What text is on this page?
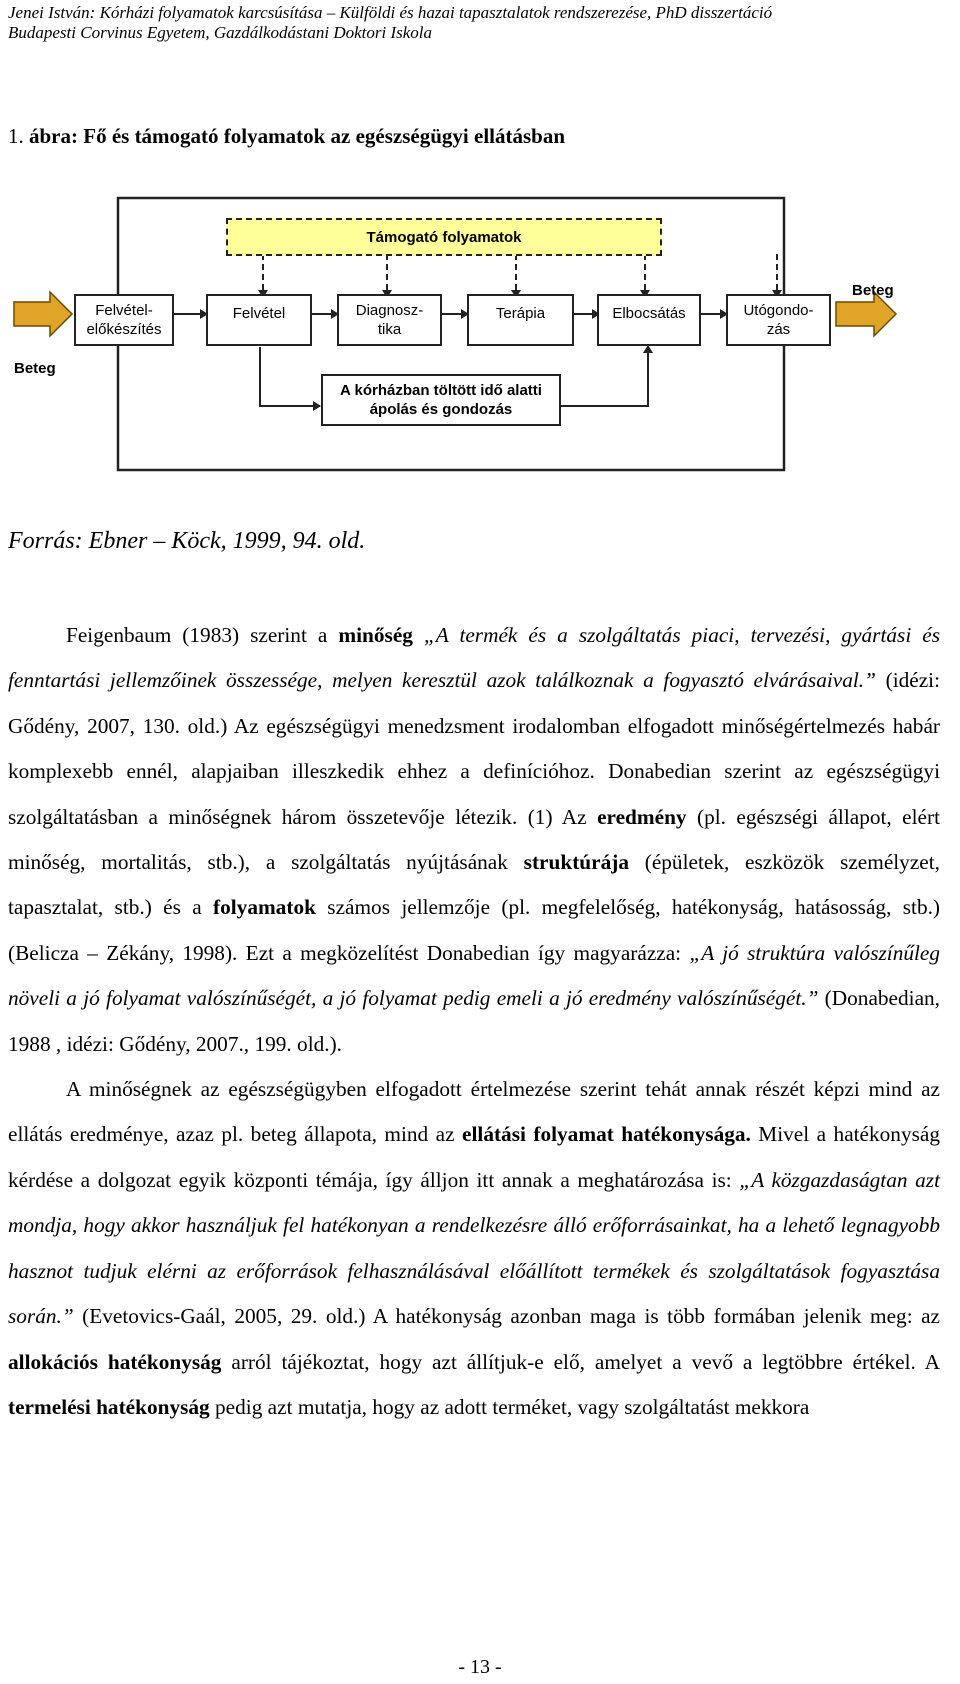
Jenei István: Kórházi folyamatok karcsúsítása – Külföldi és hazai tapasztalatok rendszerezése, PhD disszertáció
Budapesti Corvinus Egyetem, Gazdálkodástani Doktori Iskola
1. ábra: Fő és támogató folyamatok az egészségügyi ellátásban
Támogató folyamatok
Felvétel-
előkészítés
Felvétel	Diagnosz-
tika
Terápia	Elbocsátás	Utógondo-
zás
A kórházban töltött idő alatti
ápolás és gondozás
Beteg
Beteg
Forrás: Ebner – Köck, 1999, 94. old.

Feigenbaum (1983) szerint a minőség „A termék és a szolgáltatás piaci, tervezési, gyártási és fenntartási jellemzőinek összessége, melyen keresztül azok találkoznak a fogyasztó elvárásaival.” (idézi: Gődény, 2007, 130. old.) Az egészségügyi menedzsment irodalomban elfogadott minőségértelmezés habár komplexebb ennél, alapjaiban illeszkedik ehhez a definícióhoz. Donabedian szerint az egészségügyi szolgáltatásban a minőségnek három összetevője létezik. (1) Az eredmény (pl. egészségi állapot, elért minőség, mortalitás, stb.), a szolgáltatás nyújtásának struktúrája (épületek, eszközök személyzet, tapasztalat, stb.) és a folyamatok számos jellemzője (pl. megfelelőség, hatékonyság, hatásosság, stb.) (Belicza – Zékány, 1998). Ezt a megközelítést Donabedian így magyarázza: „A jó struktúra valószínűleg növeli a jó folyamat valószínűségét, a jó folyamat pedig emeli a jó eredmény valószínűségét.” (Donabedian, 1988 , idézi: Gődény, 2007., 199. old.).

A minőségnek az egészségügyben elfogadott értelmezése szerint tehát annak részét képzi mind az ellátás eredménye, azaz pl. beteg állapota, mind az ellátási folyamat hatékonysága. Mivel a hatékonyság kérdése a dolgozat egyik központi témája, így álljon itt annak a meghatározása is: „A közgazdaságtan azt mondja, hogy akkor használjuk fel hatékonyan a rendelkezésre álló erőforrásainkat, ha a lehető legnagyobb hasznot tudjuk elérni az erőforrások felhasználásával előállított termékek és szolgáltatások fogyasztása során.” (Evetovics-Gaál, 2005, 29. old.) A hatékonyság azonban maga is több formában jelenik meg: az allokációs hatékonyság arról tájékoztat, hogy azt állítjuk-e elő, amelyet a vevő a legtöbbre értékel. A termelési hatékonyság pedig azt mutatja, hogy az adott terméket, vagy szolgáltatást mekkora

- 13 -
